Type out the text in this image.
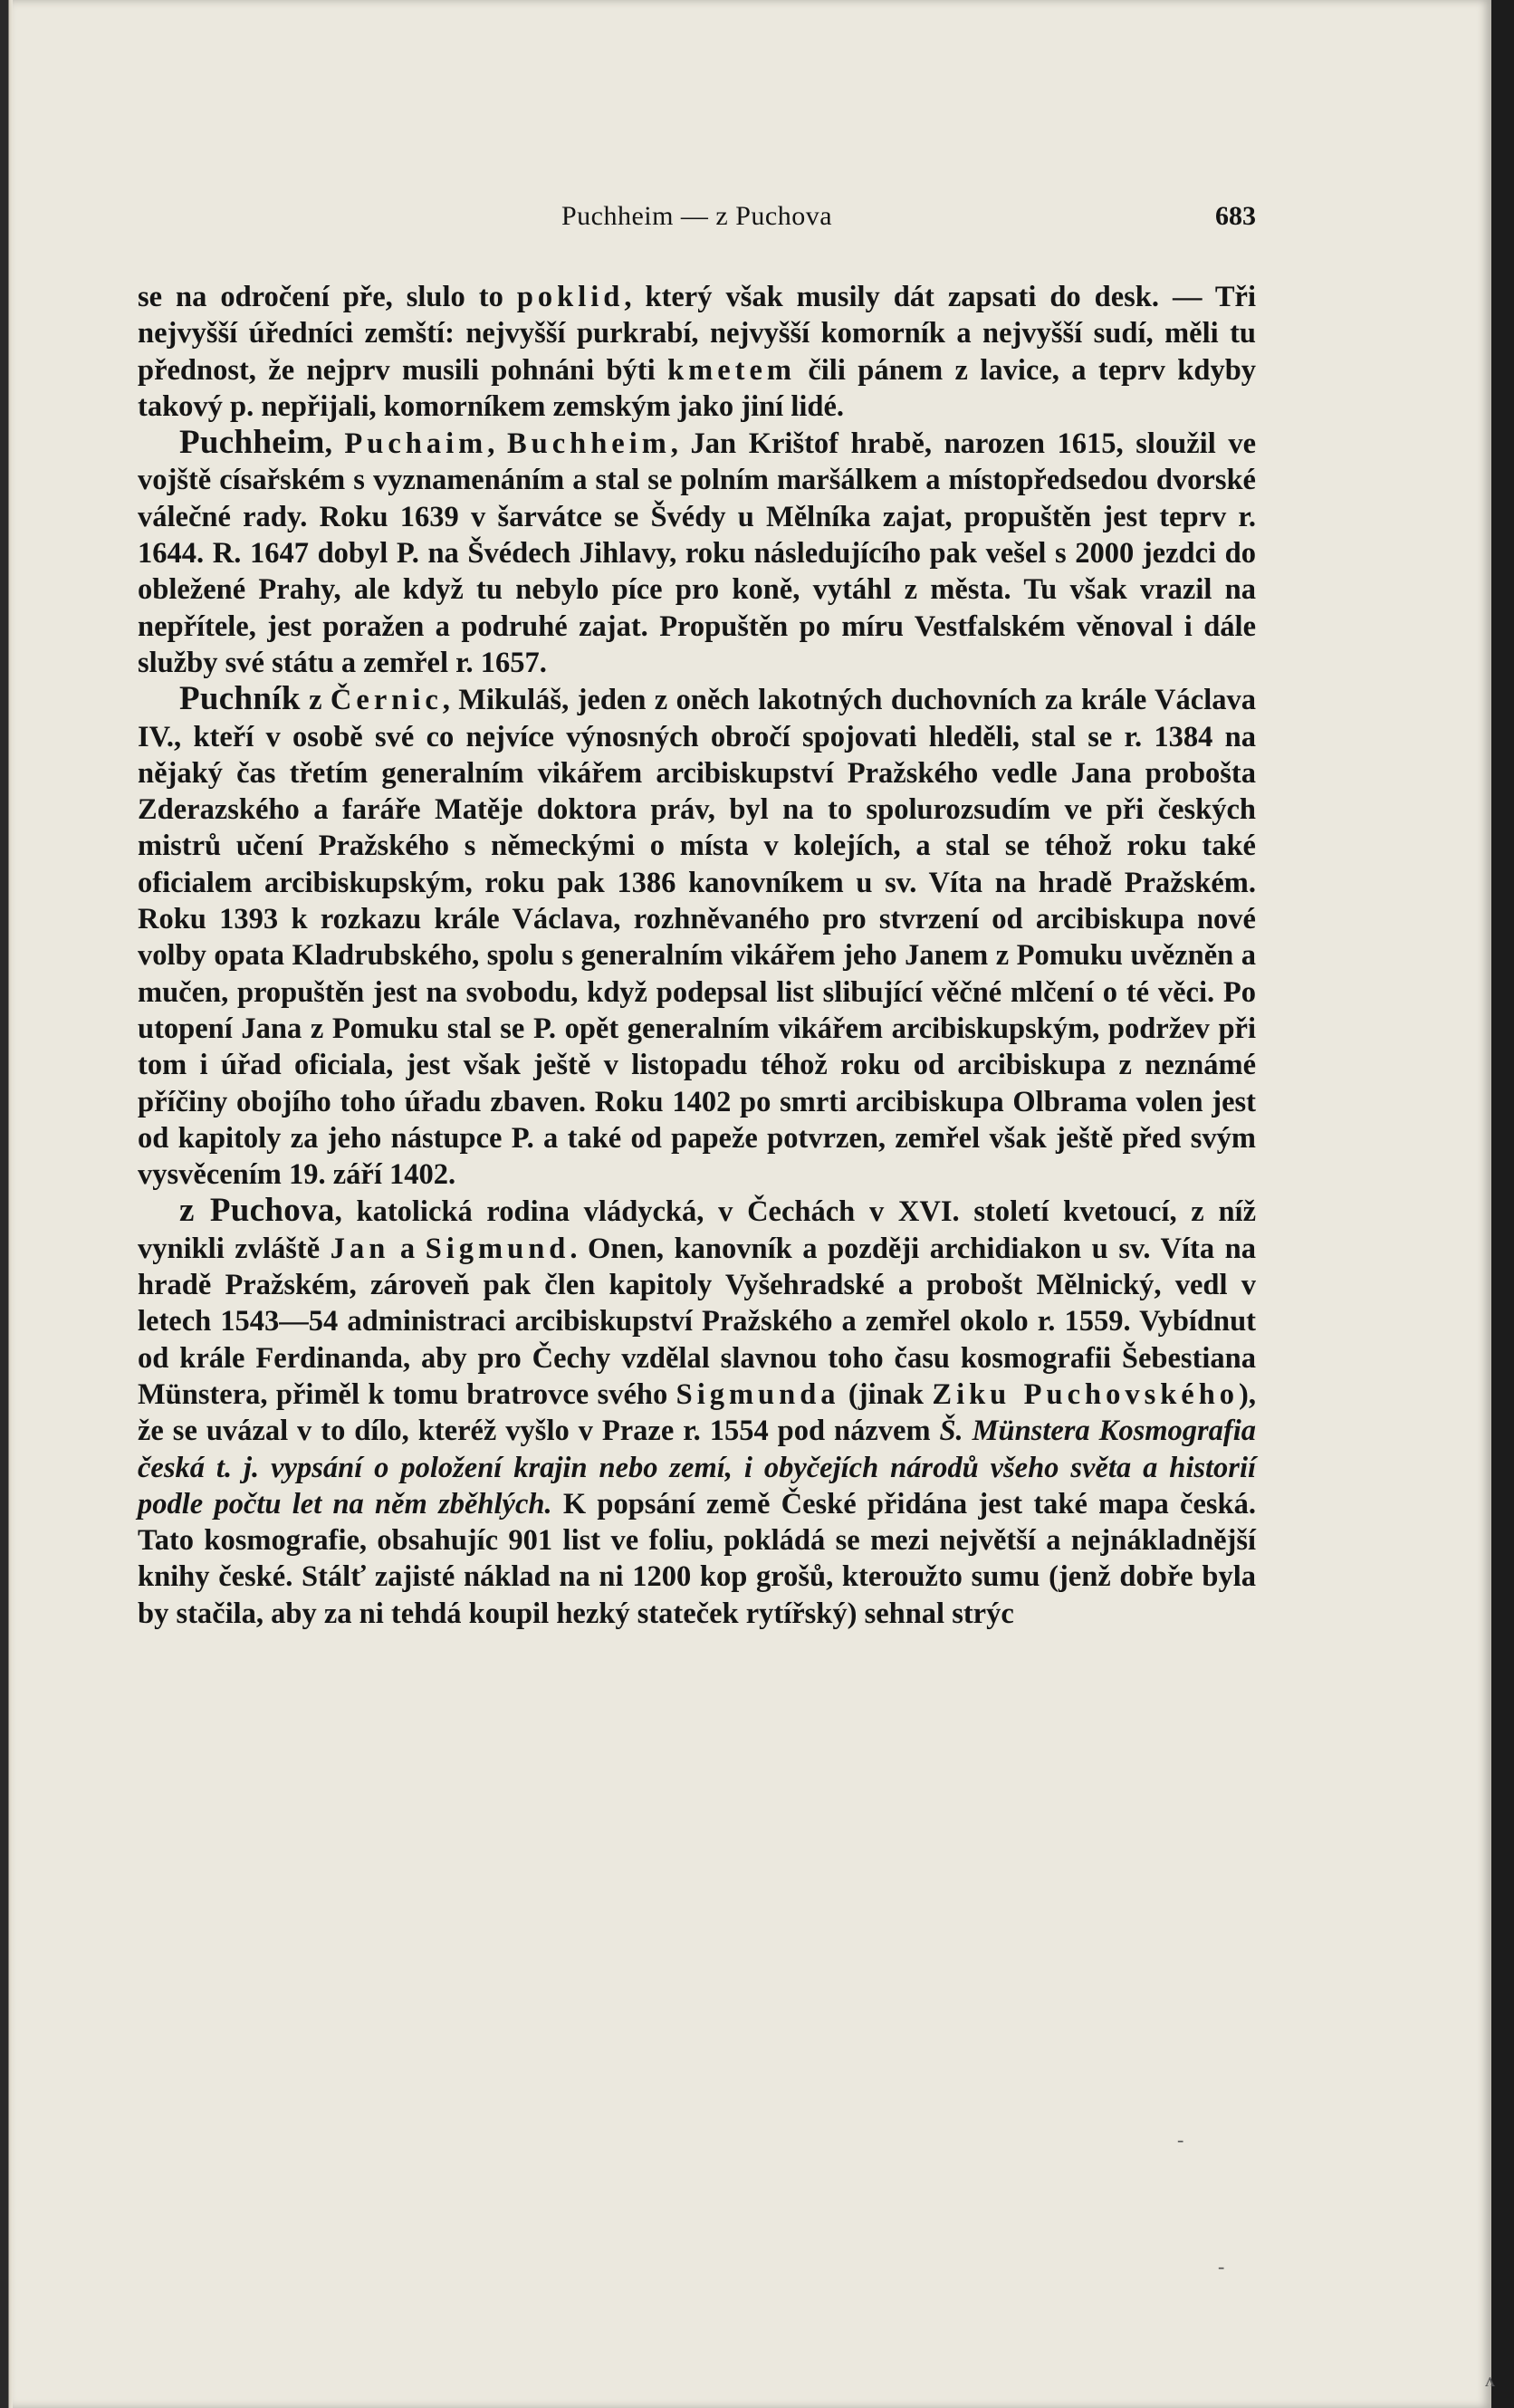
Puchheim — z Puchova	683

se na odročení pře, slulo to poklid, který však musily dát zapsati do desk. — Tři nejvyšší úředníci zemští: nejvyšší purkrabí, nejvyšší komorník a nejvyšší sudí, měli tu přednost, že nejprv musili pohnáni býti kmetem čili pánem z lavice, a teprv kdyby takový p. nepřijali, komorníkem zemským jako jiní lidé.

Puchheim, Puchaim, Buchheim, Jan Krištof hrabě, narozen 1615, sloužil ve vojště císařském s vyznamenáním a stal se polním maršálkem a místopředsedou dvorské válečné rady. Roku 1639 v šarvátce se Švédy u Mělníka zajat, propuštěn jest teprv r. 1644. R. 1647 dobyl P. na Švédech Jihlavy, roku následujícího pak vešel s 2000 jezdci do obležené Prahy, ale když tu nebylo píce pro koně, vytáhl z města. Tu však vrazil na nepřítele, jest poražen a podruhé zajat. Propuštěn po míru Vestfalském věnoval i dále služby své státu a zemřel r. 1657.

Puchník z Černic, Mikuláš, jeden z oněch lakotných duchovních za krále Václava IV., kteří v osobě své co nejvíce výnosných obročí spojovati hleděli, stal se r. 1384 na nějaký čas třetím generalním vikářem arcibiskupství Pražského vedle Jana proboštа Zderazského a faráře Matěje doktora práv, byl na to spolurozsudím ve při českých mistrů učení Pražského s německými o místa v kolejích, a stal se téhož roku také oficialem arcibiskupským, roku pak 1386 kanovníkem u sv. Víta na hradě Pražském. Roku 1393 k rozkazu krále Václava, rozhněvaného pro stvrzení od arcibiskupa nové volby opata Kladrubského, spolu s generalním vikářem jeho Janem z Pomuku uvězněn a mučen, propuštěn jest na svobodu, když podepsal list slibující věčné mlčení o té věci. Po utopení Jana z Pomuku stal se P. opět generalním vikářem arcibiskupským, podržev při tom i úřad oficiala, jest však ještě v listopadu téhož roku od arcibiskupa z neznámé příčiny obojího toho úřadu zbaven. Roku 1402 po smrti arcibiskupa Olbrama volen jest od kapitoly za jeho nástupce P. a také od papeže potvrzen, zemřel však ještě před svým vysvěcením 19. září 1402.

z Puchova, katolická rodina vládycká, v Čechách v XVI. století kvetoucí, z níž vynikli zvláště Jan a Sigmund. Onen, kanovník a později archidiakon u sv. Víta na hradě Pražském, zároveň pak člen kapitoly Vyšehradské a probošt Mělnický, vedl v letech 1543—54 administraci arcibiskupství Pražského a zemřel okolo r. 1559. Vybídnut od krále Ferdinanda, aby pro Čechy vzdělal slavnou toho času kosmografii Šebestiana Münstera, přiměl k tomu bratrovce svého Sigmunda (jinak Ziku Puchovského), že se uvázal v to dílo, kteréž vyšlo v Praze r. 1554 pod názvem Š. Münstera Kosmografia česká t. j. vypsání o položení krajin nebo zemí, i obyčejích národů všeho světa a historií podle počtu let na něm zběhlých. K popsání země České přidána jest také mapa česká. Tato kosmografie, obsahujíc 901 list ve foliu, pokládá se mezi největší a nejnákladnější knihy české. Stálť zajisté náklad na ni 1200 kop grošů, kteroužto sumu (jenž dobře byla by stačila, aby za ni tehdá koupil hezký stateček rytířský) sehnal strýc

-
-
ʌ
